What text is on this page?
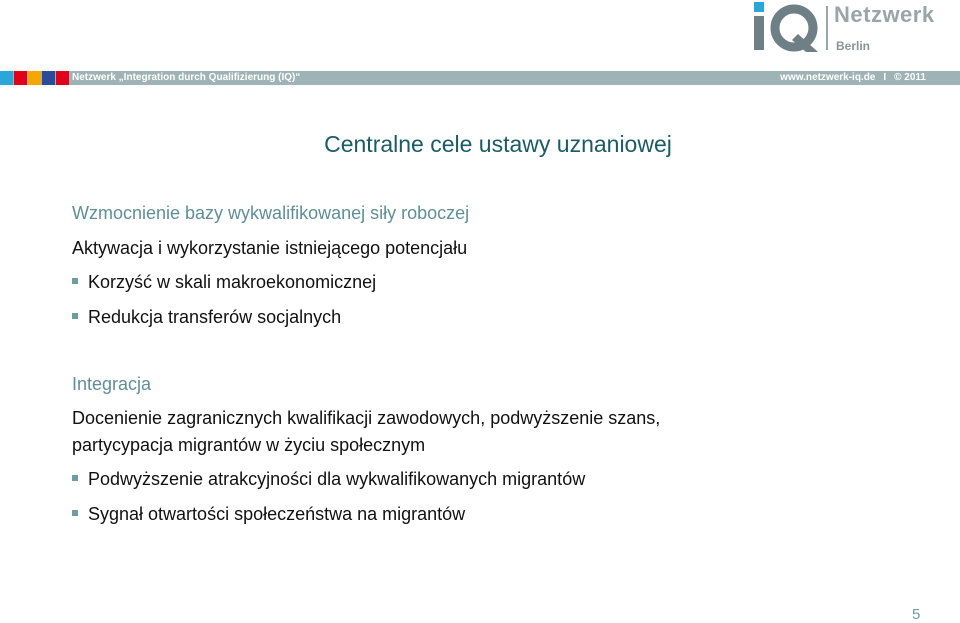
Netzwerk
Berlin
Netzwerk „Integration durch Qualifizierung (IQ)“	www.netzwerk-iq.de I © 2011
Centralne cele ustawy uznaniowej
Wzmocnienie bazy wykwalifikowanej siły roboczej
Aktywacja i wykorzystanie istniejącego potencjału
Korzyść w skali makroekonomicznej
Redukcja transferów socjalnych
Integracja
Docenienie zagranicznych kwalifikacji zawodowych, podwyższenie szans,
partycypacja migrantów w życiu społecznym
Podwyższenie atrakcyjności dla wykwalifikowanych migrantów
Sygnał otwartości społeczeństwa na migrantów
5
